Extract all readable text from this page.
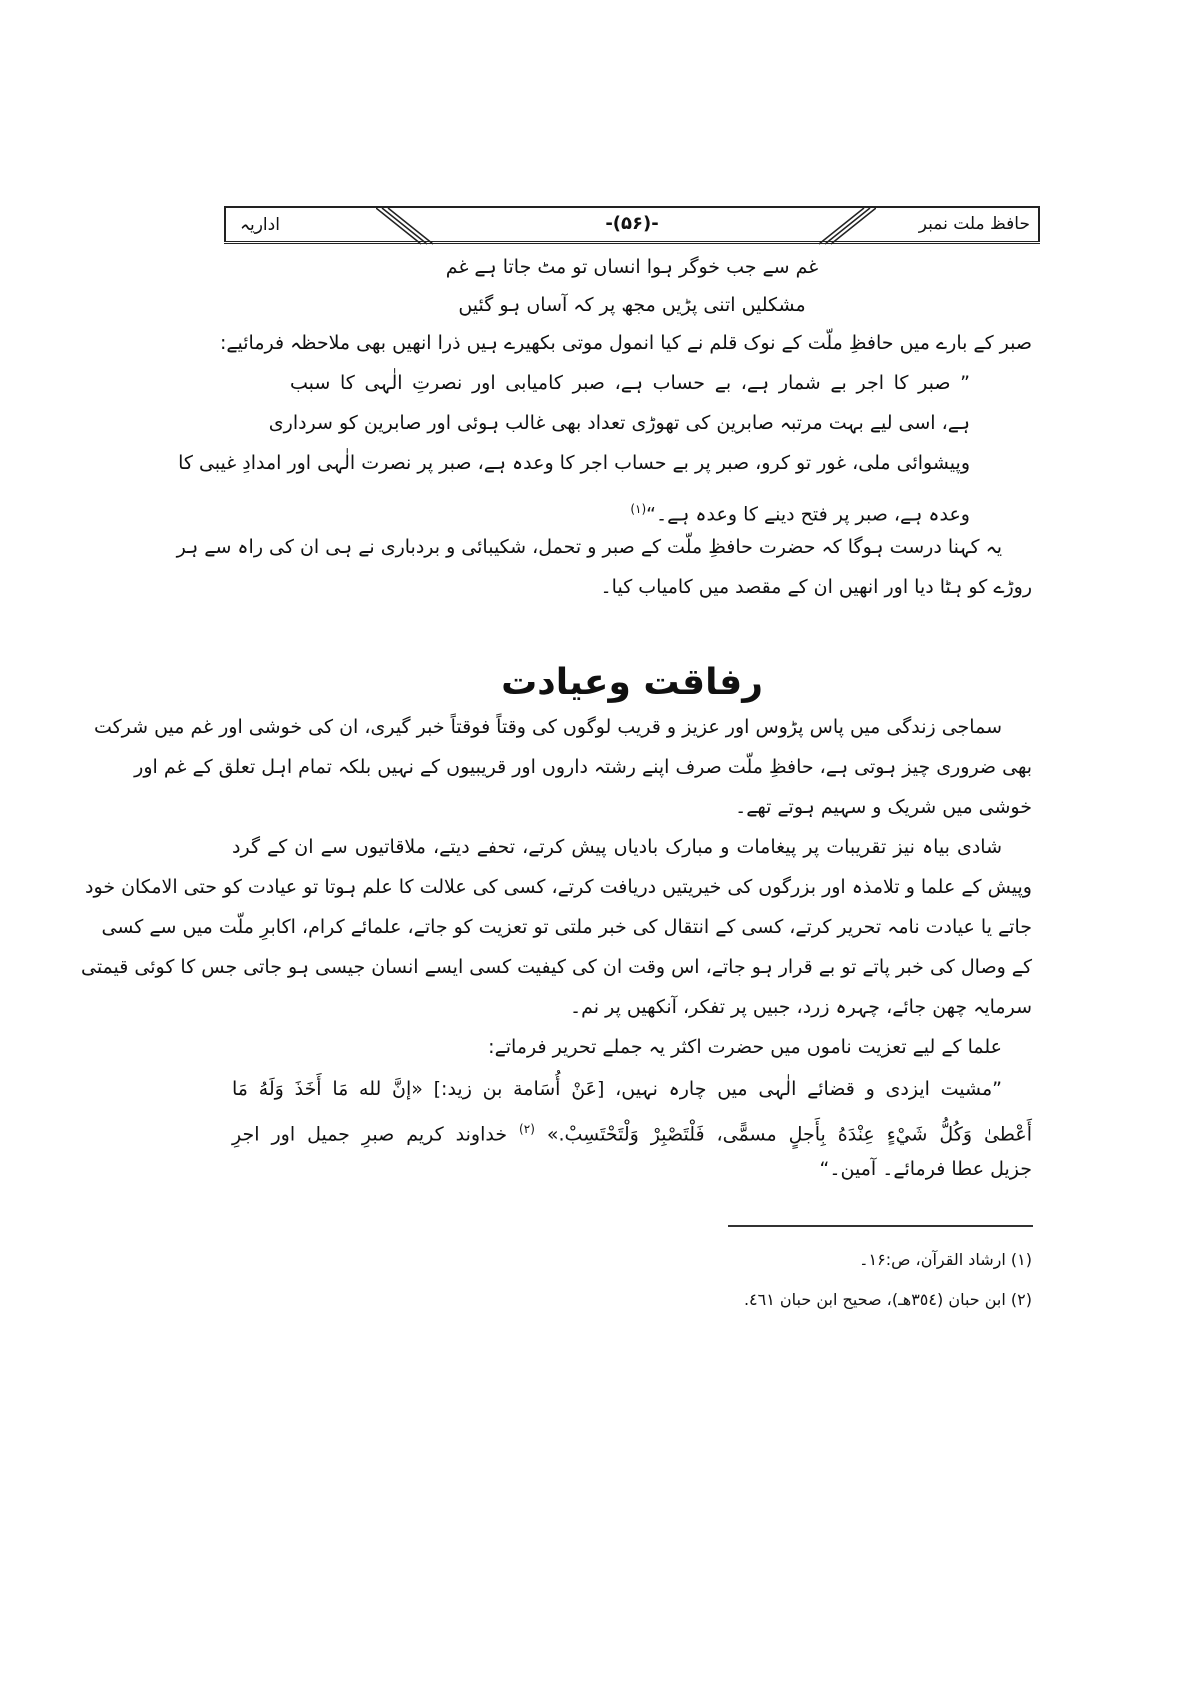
حافظ ملت نمبر
-(۵۶)-
اداریہ
غم سے جب خوگر ہوا انساں تو مٹ جاتا ہے غم
مشکلیں اتنی پڑیں مجھ پر کہ آساں ہو گئیں
صبر کے بارے میں حافظِ ملّت کے نوک قلم نے کیا انمول موتی بکھیرے ہیں ذرا انھیں بھی ملاحظہ فرمائیے:
” صبر کا اجر بے شمار ہے، بے حساب ہے، صبر کامیابی اور نصرتِ الٰہی کا سبب
ہے، اسی لیے بہت مرتبہ صابرین کی تھوڑی تعداد بھی غالب ہوئی اور صابرین کو سرداری
وپیشوائی ملی، غور تو کرو، صبر پر بے حساب اجر کا وعدہ ہے، صبر پر نصرت الٰہی اور امدادِ غیبی کا
وعدہ ہے، صبر پر فتح دینے کا وعدہ ہے۔“$^{(۱)}$
یہ کہنا درست ہوگا کہ حضرت حافظِ ملّت کے صبر و تحمل، شکیبائی و بردباری نے ہی ان کی راہ سے ہر
روڑے کو ہٹا دیا اور انھیں ان کے مقصد میں کامیاب کیا۔
رفاقت وعیادت
سماجی زندگی میں پاس پڑوس اور عزیز و قریب لوگوں کی وقتاً فوقتاً خبر گیری، ان کی خوشی اور غم میں شرکت
بھی ضروری چیز ہوتی ہے، حافظِ ملّت صرف اپنے رشتہ داروں اور قریبیوں کے نہیں بلکہ تمام اہل تعلق کے غم اور
خوشی میں شریک و سہیم ہوتے تھے۔
شادی بیاہ نیز تقریبات پر پیغامات و مبارک بادیاں پیش کرتے، تحفے دیتے، ملاقاتیوں سے ان کے گرد
وپیش کے علما و تلامذہ اور بزرگوں کی خیریتیں دریافت کرتے، کسی کی علالت کا علم ہوتا تو عیادت کو حتی الامکان خود
جاتے یا عیادت نامہ تحریر کرتے، کسی کے انتقال کی خبر ملتی تو تعزیت کو جاتے، علمائے کرام، اکابرِ ملّت میں سے کسی
کے وصال کی خبر پاتے تو بے قرار ہو جاتے، اس وقت ان کی کیفیت کسی ایسے انسان جیسی ہو جاتی جس کا کوئی قیمتی
سرمایہ چھن جائے، چہرہ زرد، جبیں پر تفکر، آنکھیں پر نم۔
علما کے لیے تعزیت ناموں میں حضرت اکثر یہ جملے تحریر فرماتے:
”مشیت ایزدی و قضائے الٰہی میں چارہ نہیں، [عَنْ أُسَامة بن زيد:] «إنَّ لله مَا أَخَذَ وَلَهُ مَا
أَعْطىٰ وَكُلُّ شَيْءٍ عِنْدَهُ بِأَجلٍ مسمًّى، فَلْتَصْبِرْ وَلْتَحْتَسِبْ.» $^{(۲)}$ خداوند کریم صبرِ جمیل اور اجرِ
جزیل عطا فرمائے۔ آمین۔“
(۱) ارشاد القرآن، ص:۱۶۔
(۲) ابن حبان (٣٥٤هـ)، صحيح ابن حبان ٤٦١.
